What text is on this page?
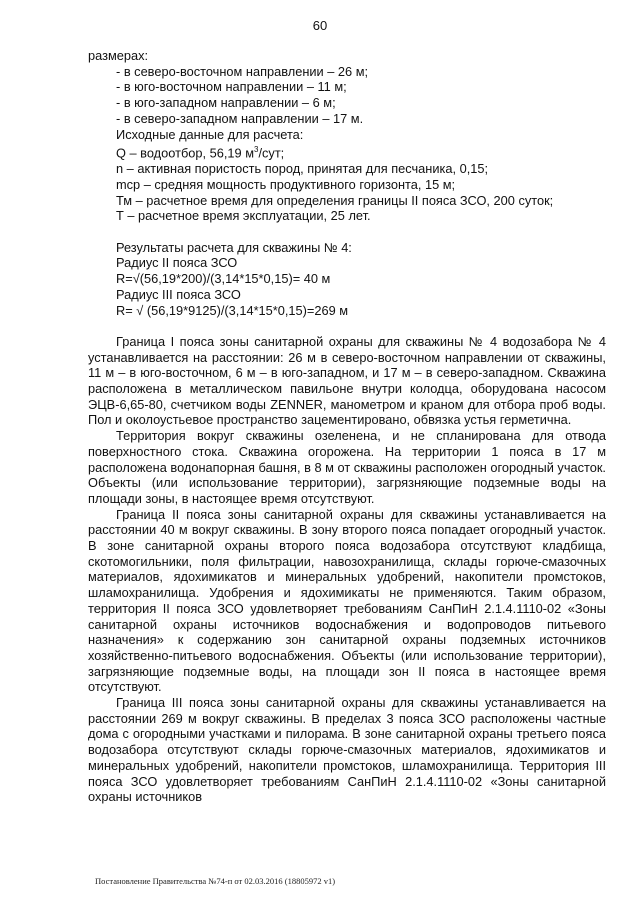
60

размерах:

- в северо-восточном направлении – 26 м;

- в юго-восточном направлении – 11 м;

- в юго-западном направлении – 6 м;

- в северо-западном направлении – 17 м.

Исходные данные для расчета:

Q – водоотбор, 56,19 $м^3$/сут;

n – активная пористость пород, принятая для песчаника, 0,15;

mср – средняя мощность продуктивного горизонта, 15 м;

Тм – расчетное время для определения границы II пояса ЗСО, 200 суток;

Т – расчетное время эксплуатации, 25 лет.

Результаты расчета для скважины № 4:

Радиус II пояса ЗСО

R=√(56,19*200)/(3,14*15*0,15)= 40 м

Радиус III пояса ЗСО

R= √ (56,19*9125)/(3,14*15*0,15)=269 м

Граница I пояса зоны санитарной охраны для скважины № 4 водозабора № 4 устанавливается на расстоянии: 26 м в северо-восточном направлении от скважины, 11 м – в юго-восточном, 6 м – в юго-западном, и 17 м – в северо-западном. Скважина расположена в металлическом павильоне внутри колодца, оборудована насосом ЭЦВ-6,65-80, счетчиком воды ZENNER, манометром и краном для отбора проб воды. Пол и околоустьевое пространство зацементировано, обвязка устья герметична.

Территория вокруг скважины озеленена, и не спланирована для отвода поверхностного стока. Скважина огорожена. На территории 1 пояса в 17 м расположена водонапорная башня, в 8 м от скважины расположен огородный участок. Объекты (или использование территории), загрязняющие подземные воды на площади зоны, в настоящее время отсутствуют.

Граница II пояса зоны санитарной охраны для скважины устанавливается на расстоянии 40 м вокруг скважины. В зону второго пояса попадает огородный участок. В зоне санитарной охраны второго пояса водозабора отсутствуют кладбища, скотомогильники, поля фильтрации, навозохранилища, склады горюче-смазочных материалов, ядохимикатов и минеральных удобрений, накопители промстоков, шламохранилища. Удобрения и ядохимикаты не применяются. Таким образом, территория II пояса ЗСО удовлетворяет требованиям СанПиН 2.1.4.1110-02 «Зоны санитарной охраны источников водоснабжения и водопроводов питьевого назначения» к содержанию зон санитарной охраны подземных источников хозяйственно-питьевого водоснабжения. Объекты (или использование территории), загрязняющие подземные воды, на площади зон II пояса в настоящее время отсутствуют.

Граница III пояса зоны санитарной охраны для скважины устанавливается на расстоянии 269 м вокруг скважины. В пределах 3 пояса ЗСО расположены частные дома с огородными участками и пилорама. В зоне санитарной охраны третьего пояса водозабора отсутствуют склады горюче-смазочных материалов, ядохимикатов и минеральных удобрений, накопители промстоков, шламохранилища. Территория III пояса ЗСО удовлетворяет требованиям СанПиН 2.1.4.1110-02 «Зоны санитарной охраны источников

Постановление Правительства №74-п от 02.03.2016 (18805972 v1)
